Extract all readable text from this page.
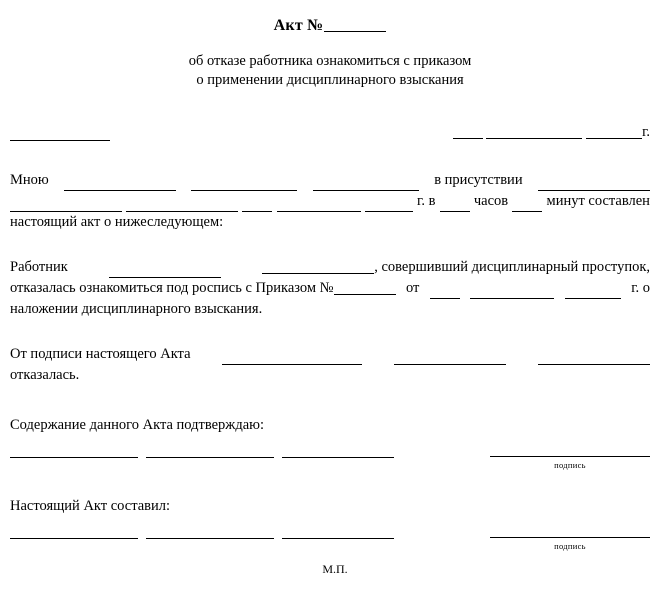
Акт №
об отказе работника ознакомиться с приказом
о применении дисциплинарного взыскания
г.
Мною	в присутствии
г. в	часов	минут составлен
настоящий акт о нижеследующем:
Работник	, совершивший дисциплинарный проступок,
отказалась ознакомиться под роспись с Приказом №	от	г. о
наложении дисциплинарного взыскания.
От подписи настоящего Акта
отказалась.
Содержание данного Акта подтверждаю:
подпись
Настоящий Акт составил:
подпись
М.П.
